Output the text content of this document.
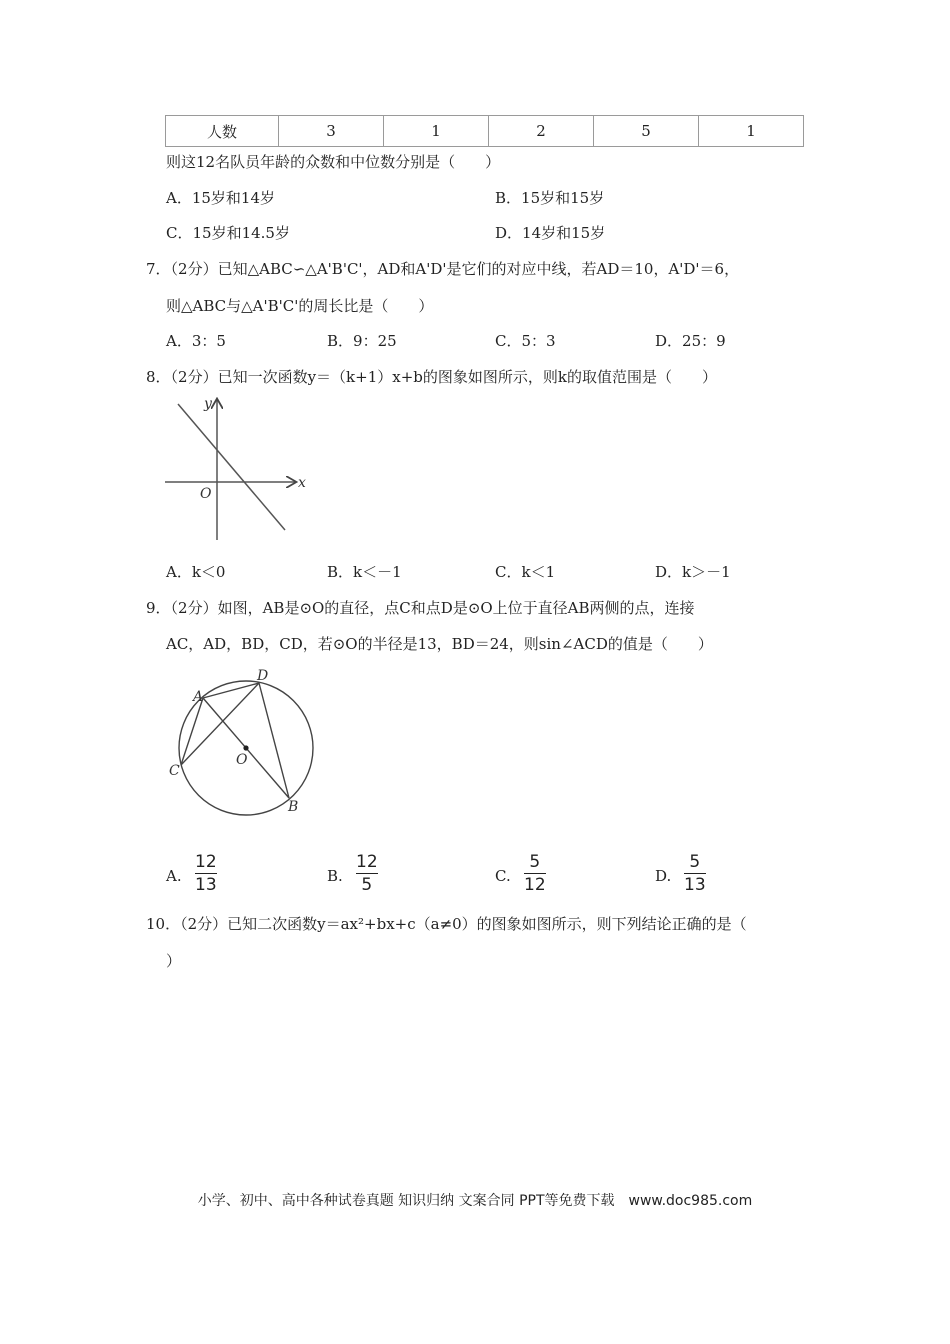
人数	3	1	2	5	1
则这12名队员年龄的众数和中位数分别是（　　）
A．15岁和14岁	B．15岁和15岁
C．15岁和14.5岁	D．14岁和15岁
7．（2分）已知△ABC∽△A'B'C'，AD和A'D'是它们的对应中线，若AD＝10，A'D'＝6，
则△ABC与△A'B'C'的周长比是（　　）
A．3：5	B．9：25	C．5：3	D．25：9
8．（2分）已知一次函数y＝（k+1）x+b的图象如图所示，则k的取值范围是（　　）
x
y
O
A．k＜0	B．k＜－1	C．k＜1	D．k＞－1
9．（2分）如图，AB是⊙O的直径，点C和点D是⊙O上位于直径AB两侧的点，连接
AC，AD，BD，CD，若⊙O的半径是13，BD＝24，则sin∠ACD的值是（　　）
A
D
C
B
O
A.
12
13	B.
12
5	C.
5
12	D.
5
13
10．（2分）已知二次函数y＝ax²+bx+c（a≠0）的图象如图所示，则下列结论正确的是（
）
小学、初中、高中各种试卷真题 知识归纳 文案合同 PPT等免费下载　www.doc985.com
